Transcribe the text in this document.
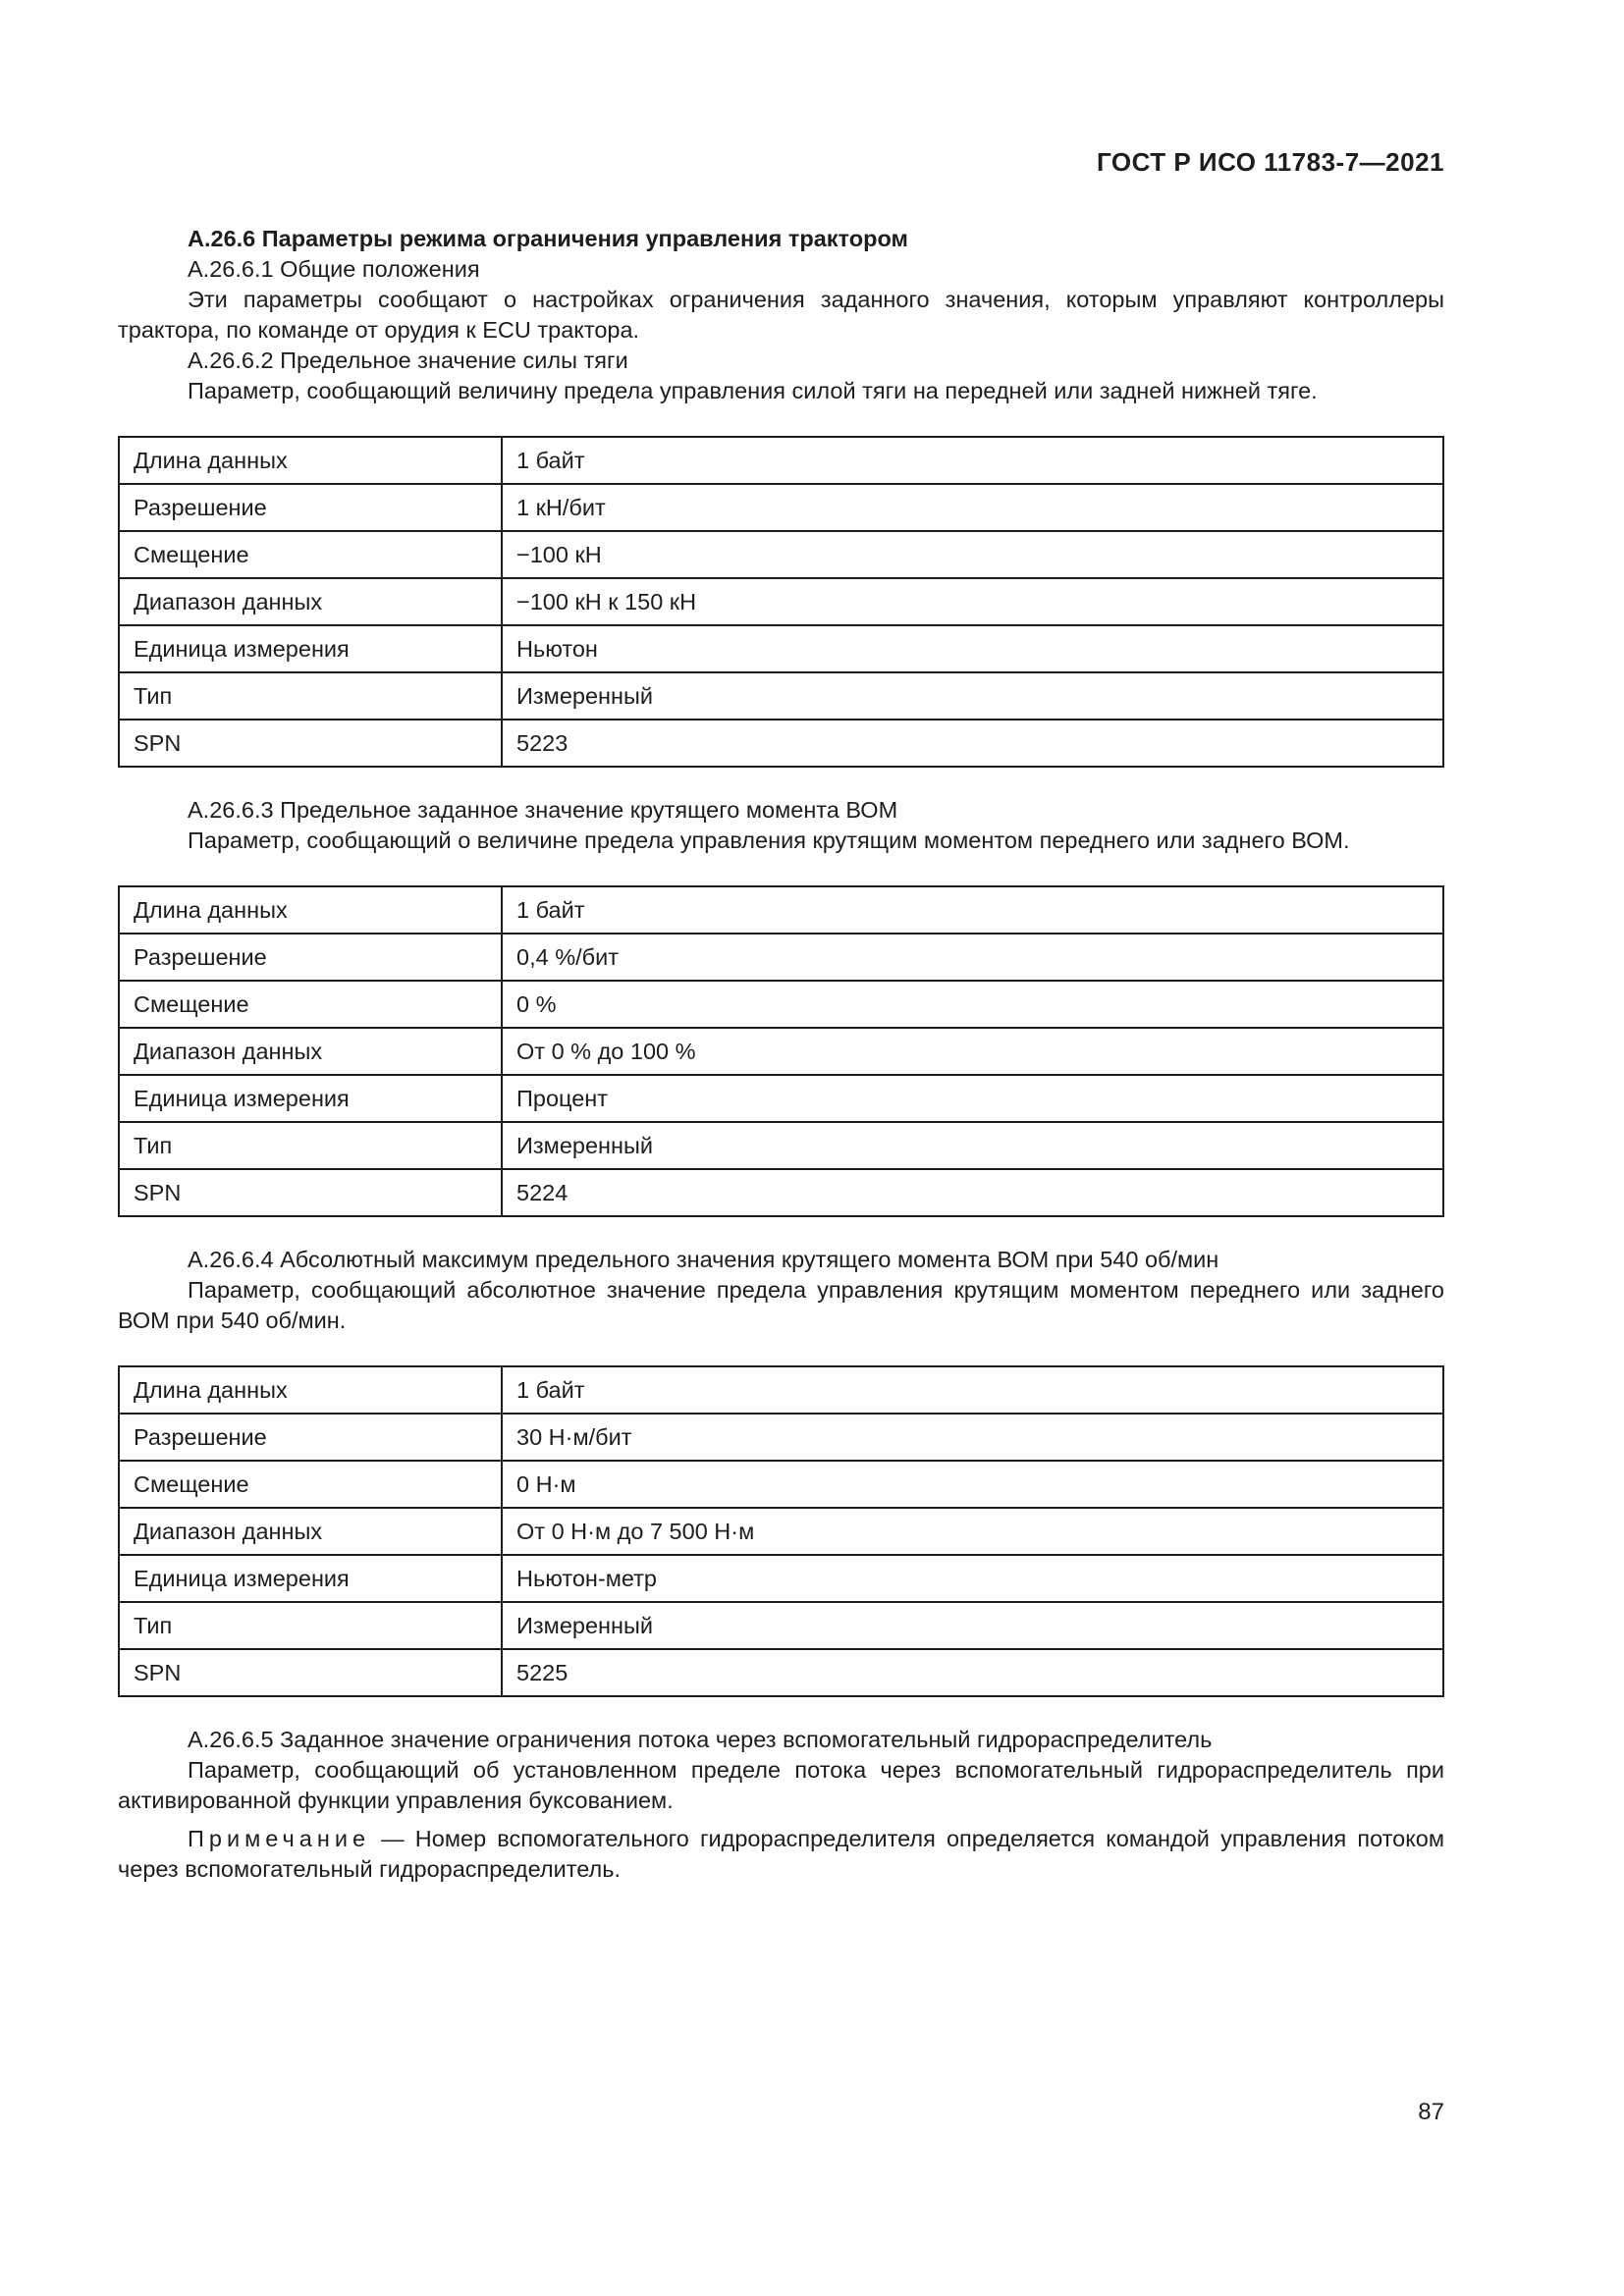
ГОСТ Р ИСО 11783-7—2021

А.26.6 Параметры режима ограничения управления трактором

А.26.6.1 Общие положения

Эти параметры сообщают о настройках ограничения заданного значения, которым управляют контроллеры трактора, по команде от орудия к ECU трактора.

А.26.6.2 Предельное значение силы тяги

Параметр, сообщающий величину предела управления силой тяги на передней или задней нижней тяге.

Длина данных	1 байт
Разрешение	1 кН/бит
Смещение	−100 кН
Диапазон данных	−100 кН к 150 кН
Единица измерения	Ньютон
Тип	Измеренный
SPN	5223

А.26.6.3 Предельное заданное значение крутящего момента ВОМ

Параметр, сообщающий о величине предела управления крутящим моментом переднего или заднего ВОМ.

Длина данных	1 байт
Разрешение	0,4 %/бит
Смещение	0 %
Диапазон данных	От 0 % до 100 %
Единица измерения	Процент
Тип	Измеренный
SPN	5224

А.26.6.4 Абсолютный максимум предельного значения крутящего момента ВОМ при 540 об/мин

Параметр, сообщающий абсолютное значение предела управления крутящим моментом переднего или заднего ВОМ при 540 об/мин.

Длина данных	1 байт
Разрешение	30 Н·м/бит
Смещение	0 Н·м
Диапазон данных	От 0 Н·м до 7 500 Н·м
Единица измерения	Ньютон-метр
Тип	Измеренный
SPN	5225

А.26.6.5 Заданное значение ограничения потока через вспомогательный гидрораспределитель

Параметр, сообщающий об установленном пределе потока через вспомогательный гидрораспределитель при активированной функции управления буксованием.

Примечание — Номер вспомогательного гидрораспределителя определяется командой управления потоком через вспомогательный гидрораспределитель.

87
